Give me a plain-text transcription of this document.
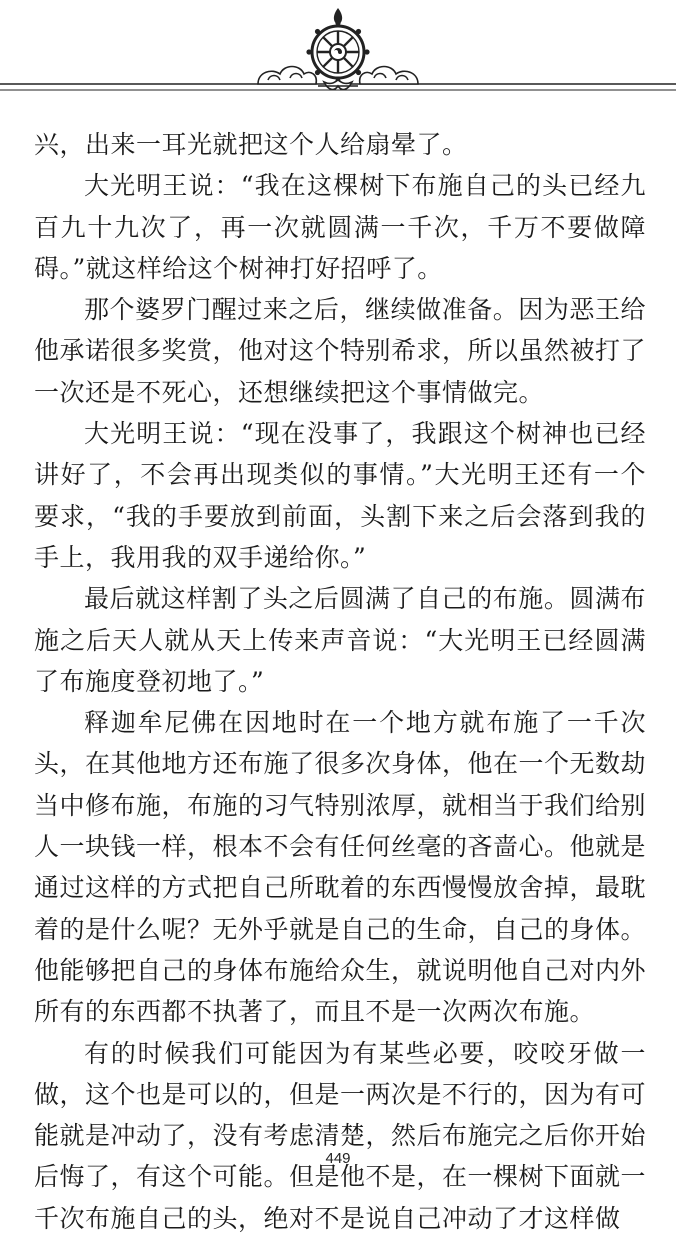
兴，出来一耳光就把这个人给扇晕了。

大光明王说：“我在这棵树下布施自己的头已经九百九十九次了，再一次就圆满一千次，千万不要做障碍。”就这样给这个树神打好招呼了。

那个婆罗门醒过来之后，继续做准备。因为恶王给他承诺很多奖赏，他对这个特别希求，所以虽然被打了一次还是不死心，还想继续把这个事情做完。

大光明王说：“现在没事了，我跟这个树神也已经讲好了，不会再出现类似的事情。”大光明王还有一个要求，“我的手要放到前面，头割下来之后会落到我的手上，我用我的双手递给你。”

最后就这样割了头之后圆满了自己的布施。圆满布施之后天人就从天上传来声音说：“大光明王已经圆满了布施度登初地了。”

释迦牟尼佛在因地时在一个地方就布施了一千次头，在其他地方还布施了很多次身体，他在一个无数劫当中修布施，布施的习气特别浓厚，就相当于我们给别人一块钱一样，根本不会有任何丝毫的吝啬心。他就是通过这样的方式把自己所耽着的东西慢慢放舍掉，最耽着的是什么呢？无外乎就是自己的生命，自己的身体。他能够把自己的身体布施给众生，就说明他自己对内外所有的东西都不执著了，而且不是一次两次布施。

有的时候我们可能因为有某些必要，咬咬牙做一做，这个也是可以的，但是一两次是不行的，因为有可能就是冲动了，没有考虑清楚，然后布施完之后你开始后悔了，有这个可能。但是他不是，在一棵树下面就一千次布施自己的头，绝对不是说自己冲动了才这样做

449
